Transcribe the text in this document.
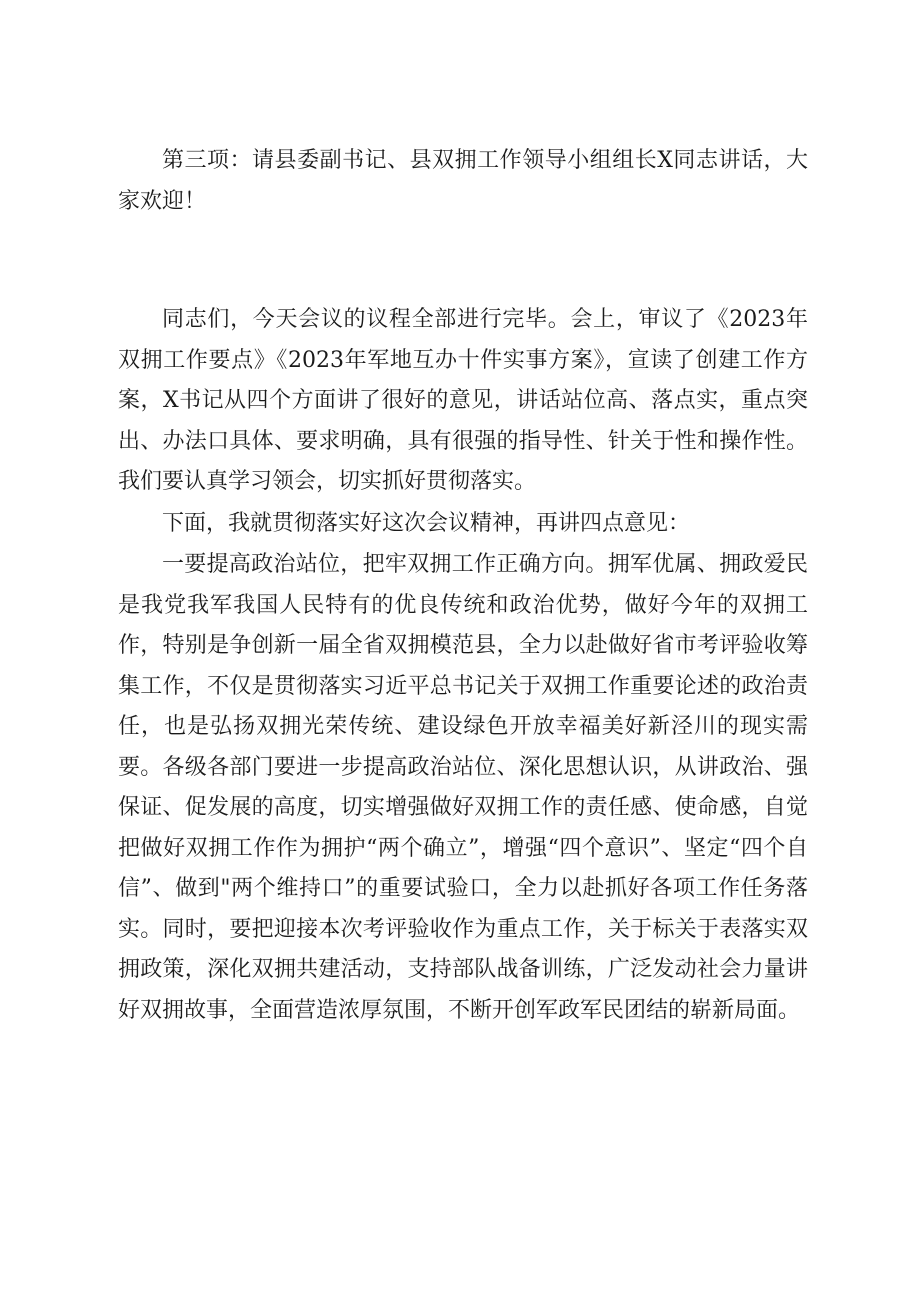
第三项：请县委副书记、县双拥工作领导小组组长X同志讲话，大家欢迎！

同志们，今天会议的议程全部进行完毕。会上，审议了《2023年双拥工作要点》《2023年军地互办十件实事方案》，宣读了创建工作方案，X书记从四个方面讲了很好的意见，讲话站位高、落点实，重点突出、办法口具体、要求明确，具有很强的指导性、针关于性和操作性。我们要认真学习领会，切实抓好贯彻落实。

下面，我就贯彻落实好这次会议精神，再讲四点意见：

一要提高政治站位，把牢双拥工作正确方向。拥军优属、拥政爱民是我党我军我国人民特有的优良传统和政治优势，做好今年的双拥工作，特别是争创新一届全省双拥模范县，全力以赴做好省市考评验收筹集工作，不仅是贯彻落实习近平总书记关于双拥工作重要论述的政治责任，也是弘扬双拥光荣传统、建设绿色开放幸福美好新泾川的现实需要。各级各部门要进一步提高政治站位、深化思想认识，从讲政治、强保证、促发展的高度，切实增强做好双拥工作的责任感、使命感，自觉把做好双拥工作作为拥护“两个确立”，增强“四个意识”、坚定“四个自信”、做到"两个维持口”的重要试验口，全力以赴抓好各项工作任务落实。同时，要把迎接本次考评验收作为重点工作，关于标关于表落实双拥政策，深化双拥共建活动，支持部队战备训练，广泛发动社会力量讲好双拥故事，全面营造浓厚氛围，不断开创军政军民团结的崭新局面。
